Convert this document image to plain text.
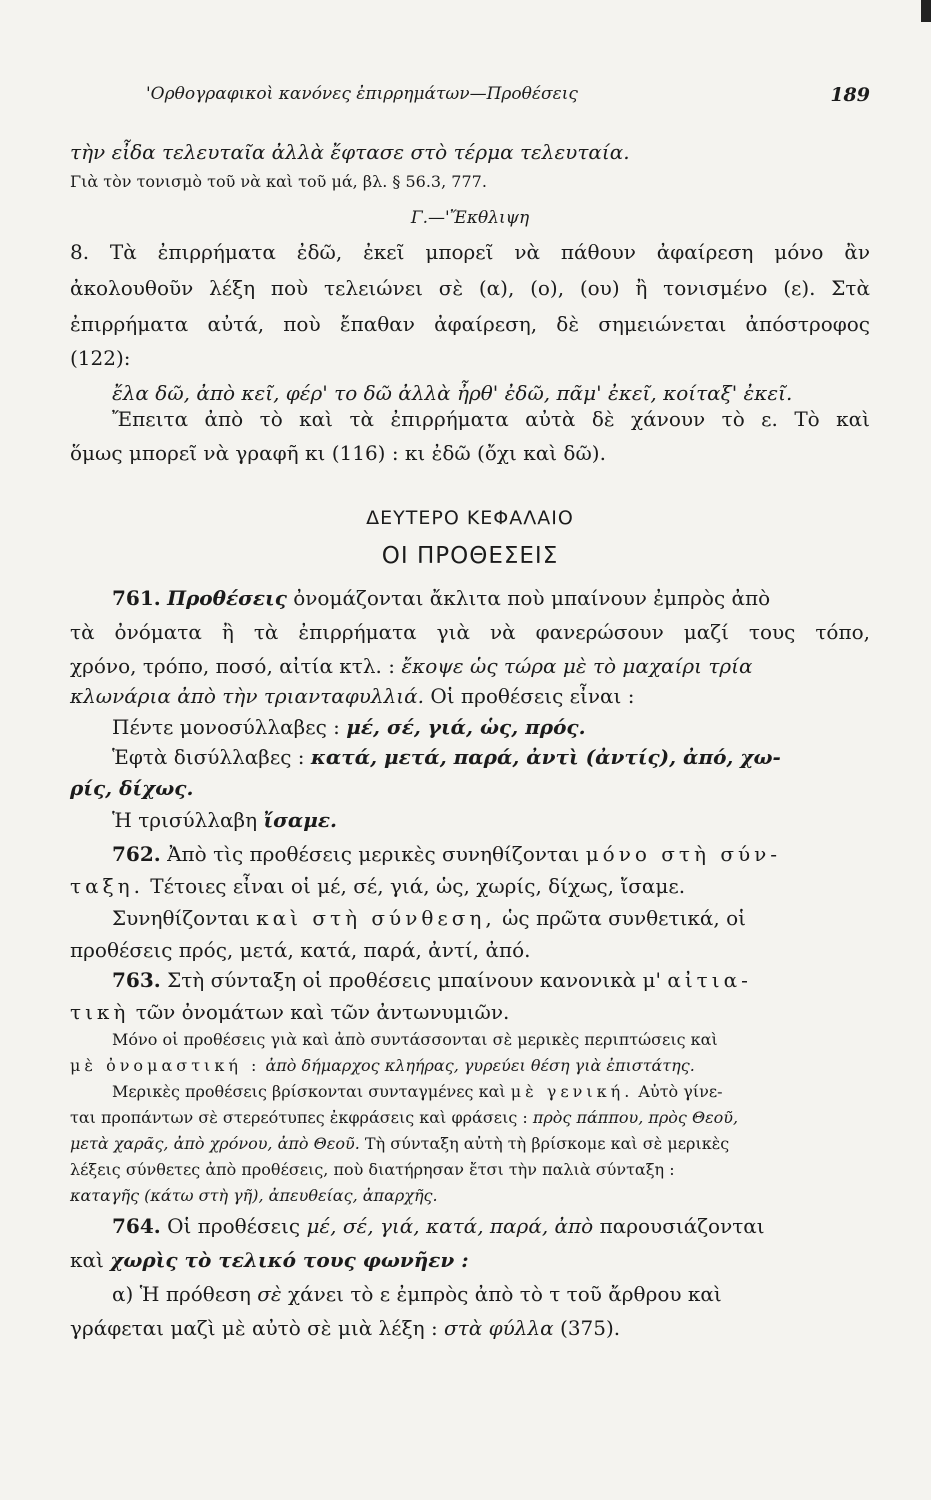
'Ορθογραφικοὶ κανόνες ἐπιρρημάτων—Προθέσεις	189
τὴν εἶδα τελευταῖα ἀλλὰ ἔφτασε στὸ τέρμα τελευταία.
Γιὰ τὸν τονισμὸ τοῦ νὰ καὶ τοῦ μά, βλ. § 56.3, 777.
Γ.—'Ἔκθλιψη
8. Τὰ ἐπιρρήματα ἐδῶ, ἐκεῖ μπορεῖ νὰ πάθουν ἀφαίρεση μόνο ἂν
ἀκολουθοῦν λέξη ποὺ τελειώνει σὲ (α), (ο), (ου) ἢ τονισμένο (ε). Στὰ
ἐπιρρήματα αὐτά, ποὺ ἔπαθαν ἀφαίρεση, δὲ σημειώνεται ἀπόστροφος
(122):
ἔλα δῶ, ἀπὸ κεῖ, φέρ' το δῶ ἀλλὰ ἦρθ' ἐδῶ, πᾶμ' ἐκεῖ, κοίταξ' ἐκεῖ.
Ἔπειτα ἀπὸ τὸ καὶ τὰ ἐπιρρήματα αὐτὰ δὲ χάνουν τὸ ε. Τὸ καὶ
ὅμως μπορεῖ νὰ γραφῆ κι (116) : κι ἐδῶ (ὄχι καὶ δῶ).
ΔΕΥΤΕΡΟ ΚΕΦΑΛΑΙΟ
ΟΙ ΠΡΟΘΕΣΕΙΣ
761. Προθέσεις ὀνομάζονται ἄκλιτα ποὺ μπαίνουν ἐμπρὸς ἀπὸ
τὰ ὀνόματα ἢ τὰ ἐπιρρήματα γιὰ νὰ φανερώσουν μαζί τους τόπο,
χρόνο, τρόπο, ποσό, αἰτία κτλ. : ἔκοψε ὡς τώρα μὲ τὸ μαχαίρι τρία
κλωνάρια ἀπὸ τὴν τριανταφυλλιά. Οἱ προθέσεις εἶναι :
Πέντε μονοσύλλαβες : μέ, σέ, γιά, ὡς, πρός.
Ἑφτὰ δισύλλαβες : κατά, μετά, παρά, ἀντὶ (ἀντίς), ἀπό, χω-
ρίς, δίχως.
Ἡ τρισύλλαβη ἴσαμε.
762. Ἀπὸ τὶς προθέσεις μερικὲς συνηθίζονται μόνο στὴ σύν-
ταξη. Τέτοιες εἶναι οἱ μέ, σέ, γιά, ὡς, χωρίς, δίχως, ἴσαμε.
Συνηθίζονται καὶ στὴ σύνθεση, ὡς πρῶτα συνθετικά, οἱ
προθέσεις πρός, μετά, κατά, παρά, ἀντί, ἀπό.
763. Στὴ σύνταξη οἱ προθέσεις μπαίνουν κανονικὰ μ' αἰτια-
τικὴ τῶν ὀνομάτων καὶ τῶν ἀντωνυμιῶν.
Μόνο οἱ προθέσεις γιὰ καὶ ἀπὸ συντάσσονται σὲ μερικὲς περιπτώσεις καὶ
μὲ ὀνομαστική : ἀπὸ δήμαρχος κληήρας, γυρεύει θέση γιὰ ἐπιστάτης.
Μερικὲς προθέσεις βρίσκονται συνταγμένες καὶ μὲ γενική. Αὐτὸ γίνε-
ται προπάντων σὲ στερεότυπες ἐκφράσεις καὶ φράσεις : πρὸς πάππου, πρὸς Θεοῦ,
μετὰ χαρᾶς, ἀπὸ χρόνου, ἀπὸ Θεοῦ. Τὴ σύνταξη αὐτὴ τὴ βρίσκομε καὶ σὲ μερικὲς
λέξεις σύνθετες ἀπὸ προθέσεις, ποὺ διατήρησαν ἔτσι τὴν παλιὰ σύνταξη :
καταγῆς (κάτω στὴ γῆ), ἀπευθείας, ἀπαρχῆς.
764. Οἱ προθέσεις μέ, σέ, γιά, κατά, παρά, ἀπὸ παρουσιάζονται
καὶ χωρὶς τὸ τελικό τους φωνῆεν :
α) Ἡ πρόθεση σὲ χάνει τὸ ε ἐμπρὸς ἀπὸ τὸ τ τοῦ ἄρθρου καὶ
γράφεται μαζὶ μὲ αὐτὸ σὲ μιὰ λέξη : στὰ φύλλα (375).
